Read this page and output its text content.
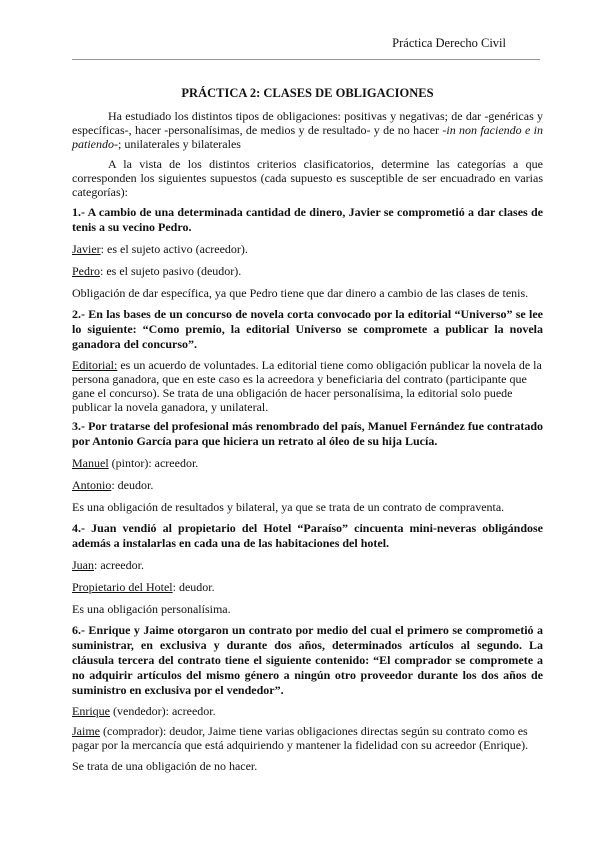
Práctica Derecho Civil
PRÁCTICA 2: CLASES DE OBLIGACIONES

Ha estudiado los distintos tipos de obligaciones: positivas y negativas; de dar -genéricas y específicas-, hacer -personalísimas, de medios y de resultado- y de no hacer -in non faciendo e in patiendo-; unilaterales y bilaterales

A la vista de los distintos criterios clasificatorios, determine las categorías a que corresponden los siguientes supuestos (cada supuesto es susceptible de ser encuadrado en varias categorías):

1.- A cambio de una determinada cantidad de dinero, Javier se comprometió a dar clases de tenis a su vecino Pedro.

Javier: es el sujeto activo (acreedor).

Pedro: es el sujeto pasivo (deudor).

Obligación de dar específica, ya que Pedro tiene que dar dinero a cambio de las clases de tenis.

2.- En las bases de un concurso de novela corta convocado por la editorial “Universo” se lee lo siguiente: “Como premio, la editorial Universo se compromete a publicar la novela ganadora del concurso”.

Editorial: es un acuerdo de voluntades. La editorial tiene como obligación publicar la novela de la persona ganadora, que en este caso es la acreedora y beneficiaria del contrato (participante que gane el concurso). Se trata de una obligación de hacer personalísima, la editorial solo puede publicar la novela ganadora, y unilateral.

3.- Por tratarse del profesional más renombrado del país, Manuel Fernández fue contratado por Antonio García para que hiciera un retrato al óleo de su hija Lucía.

Manuel (pintor): acreedor.

Antonio: deudor.

Es una obligación de resultados y bilateral, ya que se trata de un contrato de compraventa.

4.- Juan vendió al propietario del Hotel “Paraíso” cincuenta mini-neveras obligándose además a instalarlas en cada una de las habitaciones del hotel.

Juan: acreedor.

Propietario del Hotel: deudor.

Es una obligación personalísima.

6.- Enrique y Jaime otorgaron un contrato por medio del cual el primero se comprometió a suministrar, en exclusiva y durante dos años, determinados artículos al segundo. La cláusula tercera del contrato tiene el siguiente contenido: “El comprador se compromete a no adquirir artículos del mismo género a ningún otro proveedor durante los dos años de suministro en exclusiva por el vendedor”.

Enrique (vendedor): acreedor.

Jaime (comprador): deudor, Jaime tiene varias obligaciones directas según su contrato como es pagar por la mercancía que está adquiriendo y mantener la fidelidad con su acreedor (Enrique).

Se trata de una obligación de no hacer.
